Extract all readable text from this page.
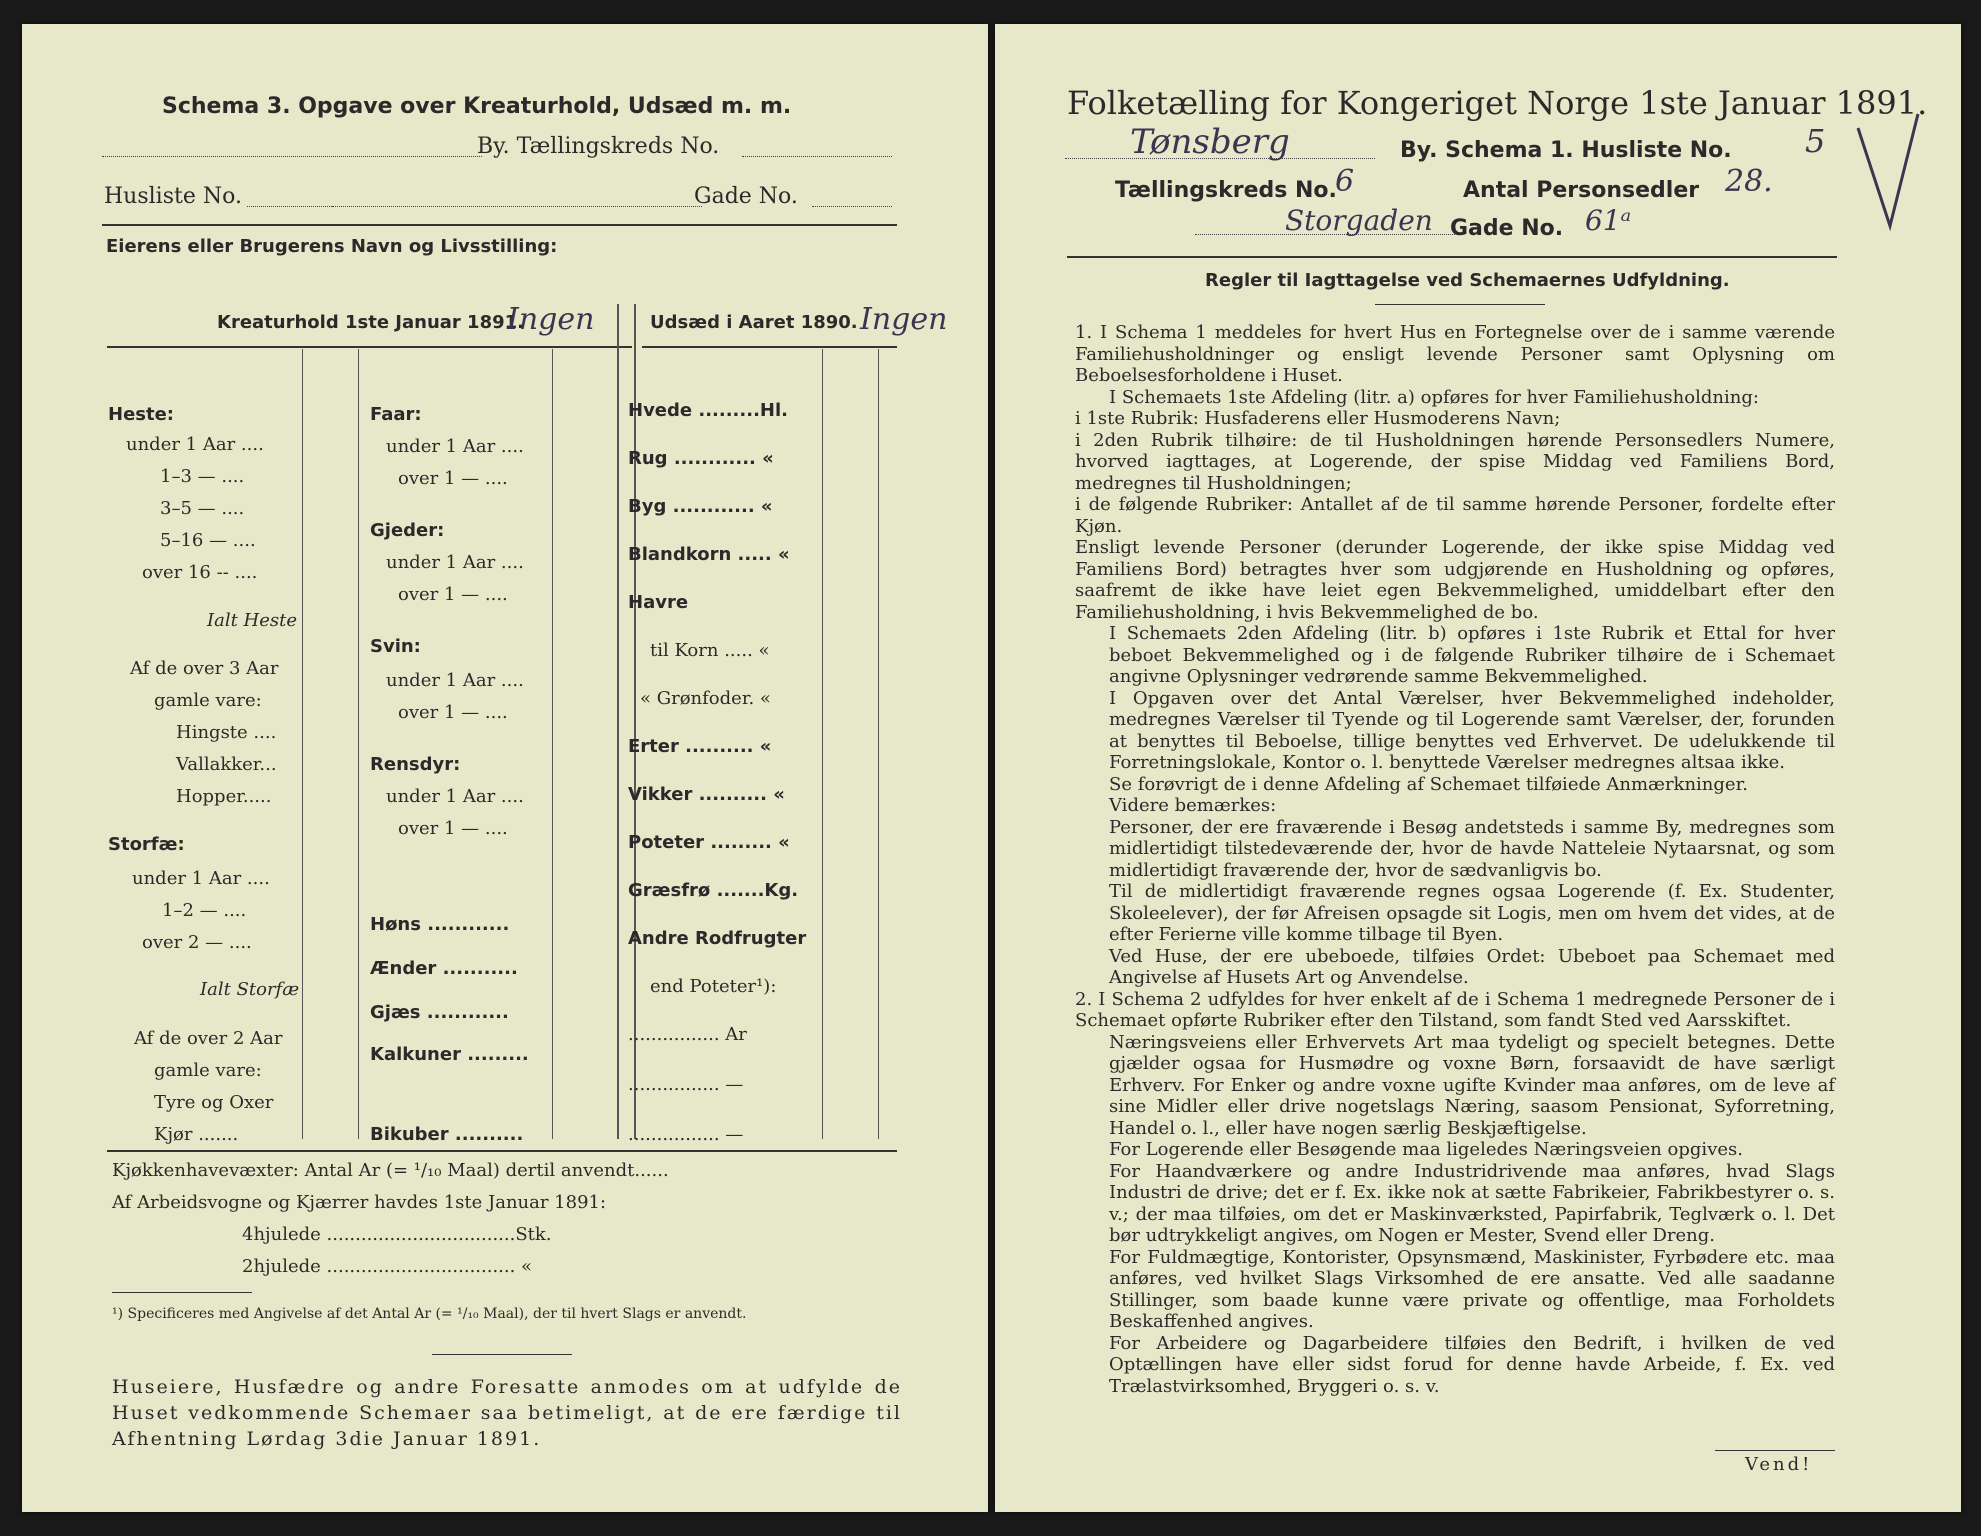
Schema 3. Opgave over Kreaturhold, Udsæd m. m.
By. Tællingskreds No.
Husliste No.	Gade No.
Eierens eller Brugerens Navn og Livsstilling:
Kreaturhold 1ste Januar 1891.
Ingen	Udsæd i Aaret 1890. Ingen
Heste:
under 1 Aar ....
1–3 — ....
3–5 — ....
5–16 — ....
over 16 -- ....
Ialt Heste
Af de over 3 Aar
gamle vare:
Hingste ....
Vallakker...
Hopper.....
Storfæ:
under 1 Aar ....
1–2 — ....
over 2 — ....
Ialt Storfæ
Af de over 2 Aar
gamle vare:
Tyre og Oxer
Kjør .......
Faar:
under 1 Aar ....
over 1 — ....
Gjeder:
under 1 Aar ....
over 1 — ....
Svin:
under 1 Aar ....
over 1 — ....
Rensdyr:
under 1 Aar ....
over 1 — ....
Høns ............
Ænder ...........
Gjæs ............
Kalkuner .........
Bikuber ..........
Hvede .........Hl.
Rug ............ «
Byg ............ «
Blandkorn ..... «
Havre
til Korn ..... «
« Grønfoder. «
Erter .......... «
Vikker .......... «
Poteter ......... «
Græsfrø .......Kg.
Andre Rodfrugter
end Poteter¹):
................ Ar
................ —
................ —
Kjøkkenhavevæxter: Antal Ar (= ¹/₁₀ Maal) dertil anvendt......
Af Arbeidsvogne og Kjærrer havdes 1ste Januar 1891:
4hjulede .................................Stk.
2hjulede ................................. «
¹) Specificeres med Angivelse af det Antal Ar (= ¹/₁₀ Maal), der til hvert Slags er anvendt.
Huseiere, Husfædre og andre Foresatte anmodes om at udfylde de Huset vedkommende Schemaer saa betimeligt, at de ere færdige til Afhentning Lørdag 3die Januar 1891.
Folketælling for Kongeriget Norge 1ste Januar 1891.
Tønsberg	By. Schema 1. Husliste No. 5
Tællingskreds No.
6	Antal Personsedler 28.
Storgaden Gade No. 61ᵃ
Regler til Iagttagelse ved Schemaernes Udfyldning.

1. I Schema 1 meddeles for hvert Hus en Fortegnelse over de i samme værende Familiehusholdninger og ensligt levende Personer samt Oplysning om Beboelsesforholdene i Huset.

I Schemaets 1ste Afdeling (litr. a) opføres for hver Familiehusholdning:

i 1ste Rubrik: Husfaderens eller Husmoderens Navn;

i 2den Rubrik tilhøire: de til Husholdningen hørende Personsedlers Numere, hvorved iagttages, at Logerende, der spise Middag ved Familiens Bord, medregnes til Husholdningen;

i de følgende Rubriker: Antallet af de til samme hørende Personer, fordelte efter Kjøn.

Ensligt levende Personer (derunder Logerende, der ikke spise Middag ved Familiens Bord) betragtes hver som udgjørende en Husholdning og opføres, saafremt de ikke have leiet egen Bekvemmelighed, umiddelbart efter den Familiehusholdning, i hvis Bekvemmelighed de bo.

I Schemaets 2den Afdeling (litr. b) opføres i 1ste Rubrik et Ettal for hver beboet Bekvemmelighed og i de følgende Rubriker tilhøire de i Schemaet angivne Oplysninger vedrørende samme Bekvemmelighed.

I Opgaven over det Antal Værelser, hver Bekvemmelighed indeholder, medregnes Værelser til Tyende og til Logerende samt Værelser, der, forunden at benyttes til Beboelse, tillige benyttes ved Erhvervet. De udelukkende til Forretningslokale, Kontor o. l. benyttede Værelser medregnes altsaa ikke.

Se forøvrigt de i denne Afdeling af Schemaet tilføiede Anmærkninger.

Videre bemærkes:

Personer, der ere fraværende i Besøg andetsteds i samme By, medregnes som midlertidigt tilstedeværende der, hvor de havde Natteleie Nytaarsnat, og som midlertidigt fraværende der, hvor de sædvanligvis bo.

Til de midlertidigt fraværende regnes ogsaa Logerende (f. Ex. Studenter, Skoleelever), der før Afreisen opsagde sit Logis, men om hvem det vides, at de efter Ferierne ville komme tilbage til Byen.

Ved Huse, der ere ubeboede, tilføies Ordet: Ubeboet paa Schemaet med Angivelse af Husets Art og Anvendelse.

2. I Schema 2 udfyldes for hver enkelt af de i Schema 1 medregnede Personer de i Schemaet opførte Rubriker efter den Tilstand, som fandt Sted ved Aarsskiftet.

Næringsveiens eller Erhvervets Art maa tydeligt og specielt betegnes. Dette gjælder ogsaa for Husmødre og voxne Børn, forsaavidt de have særligt Erhverv. For Enker og andre voxne ugifte Kvinder maa anføres, om de leve af sine Midler eller drive nogetslags Næring, saasom Pensionat, Syforretning, Handel o. l., eller have nogen særlig Beskjæftigelse.

For Logerende eller Besøgende maa ligeledes Næringsveien opgives.

For Haandværkere og andre Industridrivende maa anføres, hvad Slags Industri de drive; det er f. Ex. ikke nok at sætte Fabrikeier, Fabrikbestyrer o. s. v.; der maa tilføies, om det er Maskinværksted, Papirfabrik, Teglværk o. l. Det bør udtrykkeligt angives, om Nogen er Mester, Svend eller Dreng.

For Fuldmægtige, Kontorister, Opsynsmænd, Maskinister, Fyrbødere etc. maa anføres, ved hvilket Slags Virksomhed de ere ansatte. Ved alle saadanne Stillinger, som baade kunne være private og offentlige, maa Forholdets Beskaffenhed angives.

For Arbeidere og Dagarbeidere tilføies den Bedrift, i hvilken de ved Optællingen have eller sidst forud for denne havde Arbeide, f. Ex. ved Trælastvirksomhed, Bryggeri o. s. v.

Vend!
